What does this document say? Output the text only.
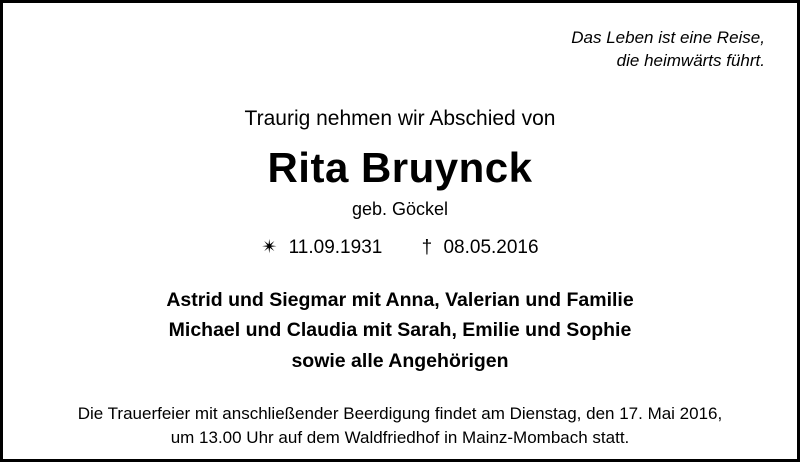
Das Leben ist eine Reise,
die heimwärts führt.
Traurig nehmen wir Abschied von
Rita Bruynck
geb. Göckel
✴ 11.09.1931 † 08.05.2016
Astrid und Siegmar mit Anna, Valerian und Familie
Michael und Claudia mit Sarah, Emilie und Sophie
sowie alle Angehörigen
Die Trauerfeier mit anschließender Beerdigung findet am Dienstag, den 17. Mai 2016,
um 13.00 Uhr auf dem Waldfriedhof in Mainz-Mombach statt.
